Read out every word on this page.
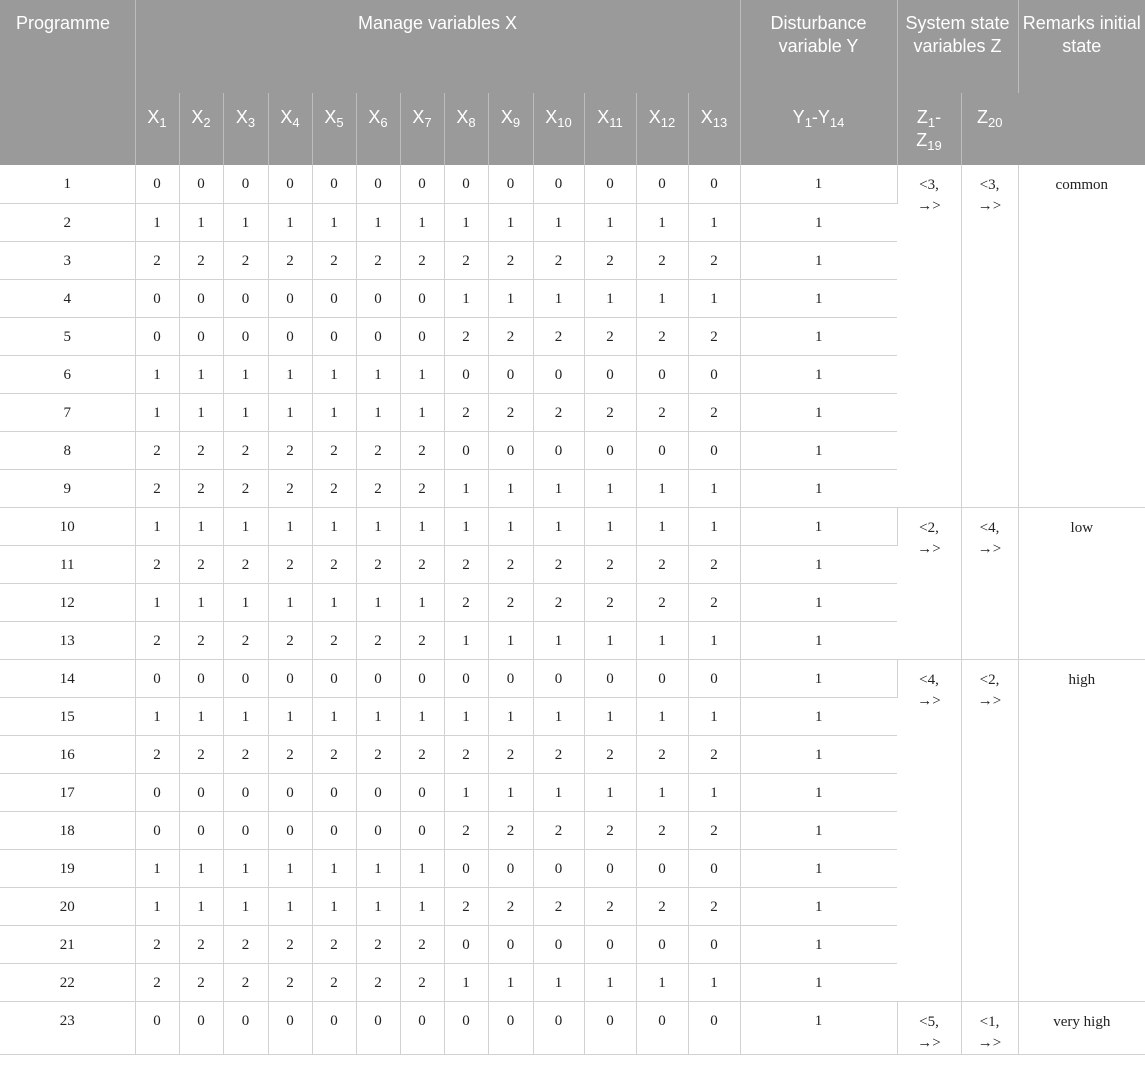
Programme	Manage variables X													Disturbance variable Y	System state variables Z		Remarks initial state
	$X_1$	$X_2$	$X_3$	$X_4$	$X_5$	$X_6$	$X_7$	$X_8$	$X_9$	$X_{10}$	$X_{11}$	$X_{12}$	$X_{13}$	$Y_1-Y_{14}$	$Z_1-$
$Z_{19}$	$Z_{20}$
1	0	0	0	0	0	0	0	0	0	0	0	0	0	1	<3,
→>	<3,
→>	common
2	1	1	1	1	1	1	1	1	1	1	1	1	1	1			
3	2	2	2	2	2	2	2	2	2	2	2	2	2	1			
4	0	0	0	0	0	0	0	1	1	1	1	1	1	1			
5	0	0	0	0	0	0	0	2	2	2	2	2	2	1			
6	1	1	1	1	1	1	1	0	0	0	0	0	0	1			
7	1	1	1	1	1	1	1	2	2	2	2	2	2	1			
8	2	2	2	2	2	2	2	0	0	0	0	0	0	1			
9	2	2	2	2	2	2	2	1	1	1	1	1	1	1			
10	1	1	1	1	1	1	1	1	1	1	1	1	1	1	<2,
→>	<4,
→>	low
11	2	2	2	2	2	2	2	2	2	2	2	2	2	1			
12	1	1	1	1	1	1	1	2	2	2	2	2	2	1			
13	2	2	2	2	2	2	2	1	1	1	1	1	1	1			
14	0	0	0	0	0	0	0	0	0	0	0	0	0	1	<4,
→>	<2,
→>	high
15	1	1	1	1	1	1	1	1	1	1	1	1	1	1			
16	2	2	2	2	2	2	2	2	2	2	2	2	2	1			
17	0	0	0	0	0	0	0	1	1	1	1	1	1	1			
18	0	0	0	0	0	0	0	2	2	2	2	2	2	1			
19	1	1	1	1	1	1	1	0	0	0	0	0	0	1			
20	1	1	1	1	1	1	1	2	2	2	2	2	2	1			
21	2	2	2	2	2	2	2	0	0	0	0	0	0	1			
22	2	2	2	2	2	2	2	1	1	1	1	1	1	1			
23	0	0	0	0	0	0	0	0	0	0	0	0	0	1	<5,
→>	<1,
→>	very high
